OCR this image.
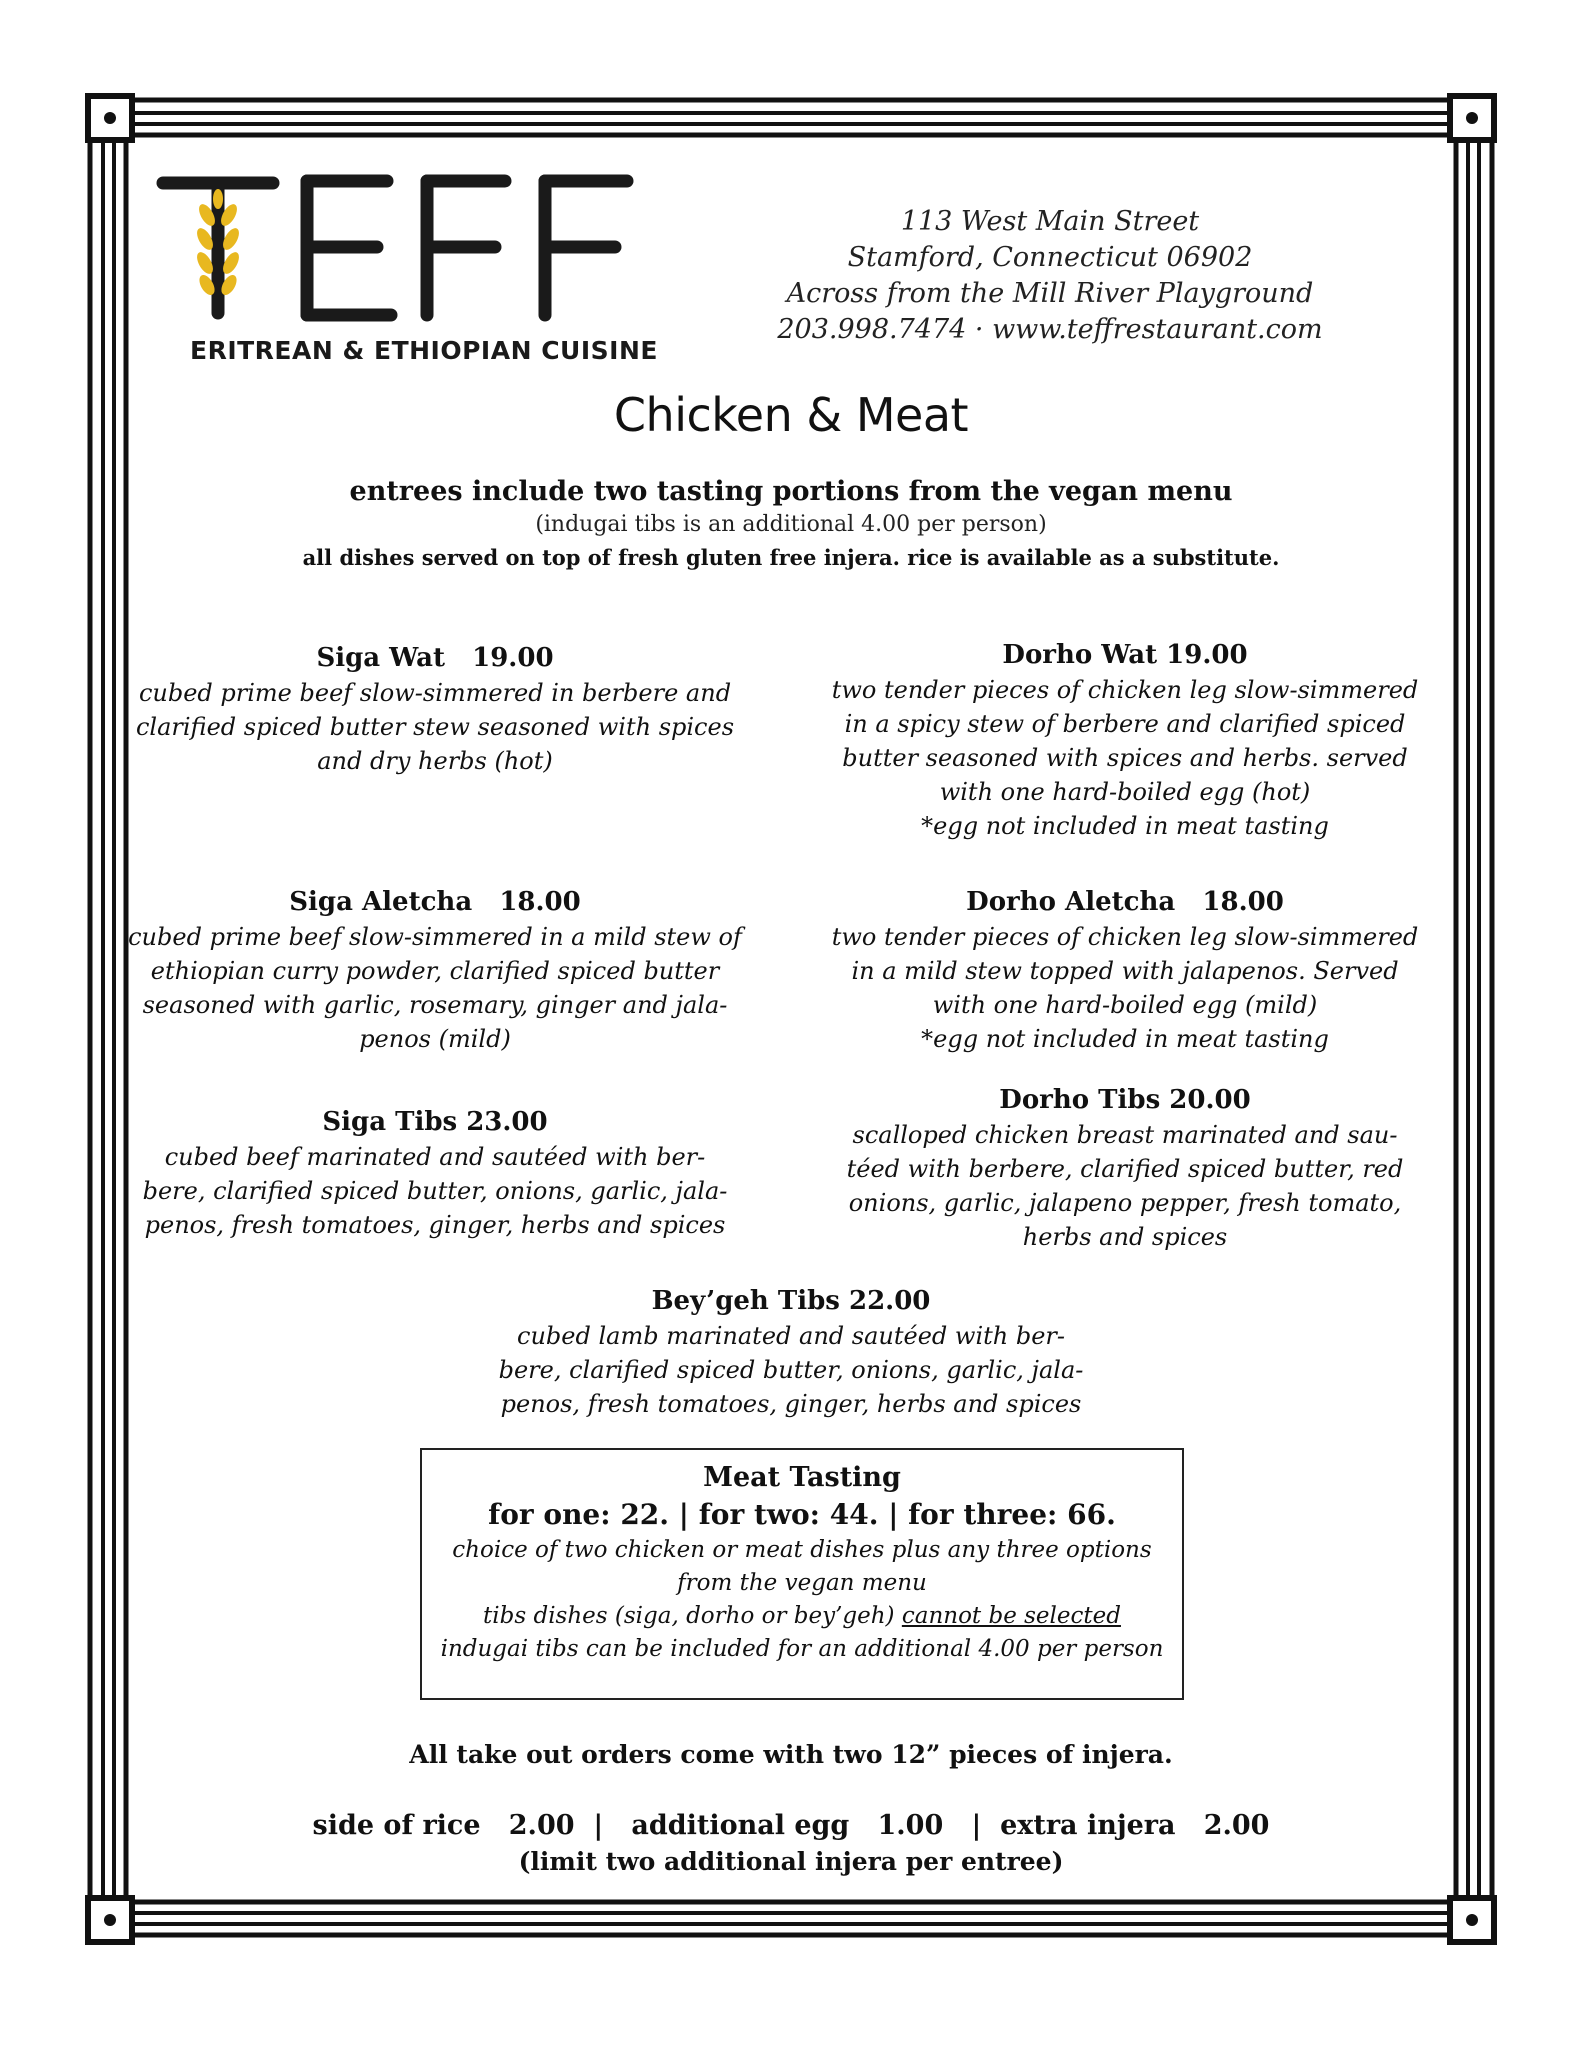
ERITREAN & ETHIOPIAN CUISINE
113 West Main Street
Stamford, Connecticut 06902
Across from the Mill River Playground
203.998.7474 · www.teffrestaurant.com
Chicken & Meat
entrees include two tasting portions from the vegan menu
(indugai tibs is an additional 4.00 per person)
all dishes served on top of fresh gluten free injera. rice is available as a substitute.
Siga Wat   19.00
cubed prime beef slow-simmered in berbere and
clarified spiced butter stew seasoned with spices
and dry herbs (hot)
Dorho Wat 19.00
two tender pieces of chicken leg slow-simmered
in a spicy stew of berbere and clarified spiced
butter seasoned with spices and herbs. served
with one hard-boiled egg (hot)
*egg not included in meat tasting
Siga Aletcha   18.00
cubed prime beef slow-simmered in a mild stew of
ethiopian curry powder, clarified spiced butter
seasoned with garlic, rosemary, ginger and jala-
penos (mild)
Dorho Aletcha   18.00
two tender pieces of chicken leg slow-simmered
in a mild stew topped with jalapenos. Served
with one hard-boiled egg (mild)
*egg not included in meat tasting
Siga Tibs 23.00
cubed beef marinated and sautéed with ber-
bere, clarified spiced butter, onions, garlic, jala-
penos, fresh tomatoes, ginger, herbs and spices
Dorho Tibs 20.00
scalloped chicken breast marinated and sau-
téed with berbere, clarified spiced butter, red
onions, garlic, jalapeno pepper, fresh tomato,
herbs and spices
Bey’geh Tibs 22.00
cubed lamb marinated and sautéed with ber-
bere, clarified spiced butter, onions, garlic, jala-
penos, fresh tomatoes, ginger, herbs and spices
Meat Tasting
for one: 22. | for two: 44. | for three: 66.
choice of two chicken or meat dishes plus any three options
from the vegan menu
tibs dishes (siga, dorho or bey’geh) cannot be selected
indugai tibs can be included for an additional 4.00 per person
All take out orders come with two 12” pieces of injera.
side of rice   2.00  |   additional egg   1.00   |  extra injera   2.00
(limit two additional injera per entree)
